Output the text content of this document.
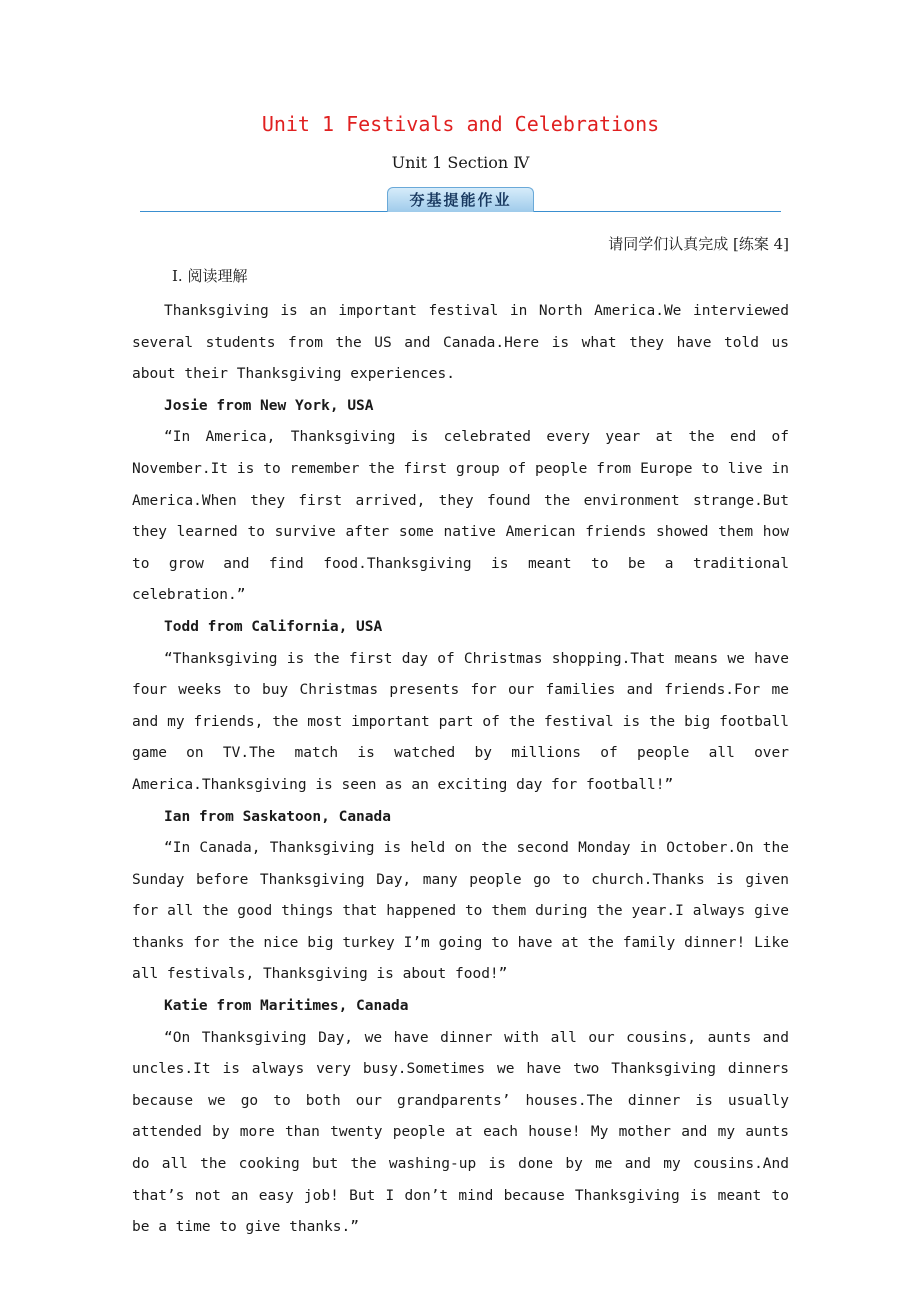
Unit 1 Festivals and Celebrations
Unit 1 Section Ⅳ
夯基提能作业
请同学们认真完成 [练案 4]
Ⅰ. 阅读理解

Thanksgiving is an important festival in North America.We interviewed several students from the US and Canada.Here is what they have told us about their Thanksgiving experiences.

Josie from New York, USA

“In America, Thanksgiving is celebrated every year at the end of November.It is to remember the first group of people from Europe to live in America.When they first arrived, they found the environment strange.But they learned to survive after some native American friends showed them how to grow and find food.Thanksgiving is meant to be a traditional celebration.”

Todd from California, USA

“Thanksgiving is the first day of Christmas shopping.That means we have four weeks to buy Christmas presents for our families and friends.For me and my friends, the most important part of the festival is the big football game on TV.The match is watched by millions of people all over America.Thanksgiving is seen as an exciting day for football!”

Ian from Saskatoon, Canada

“In Canada, Thanksgiving is held on the second Monday in October.On the Sunday before Thanksgiving Day, many people go to church.Thanks is given for all the good things that happened to them during the year.I always give thanks for the nice big turkey I’m going to have at the family dinner! Like all festivals, Thanksgiving is about food!”

Katie from Maritimes, Canada

“On Thanksgiving Day, we have dinner with all our cousins, aunts and uncles.It is always very busy.Sometimes we have two Thanksgiving dinners because we go to both our grandparents’ houses.The dinner is usually attended by more than twenty people at each house! My mother and my aunts do all the cooking but the washing-up is done by me and my cousins.And that’s not an easy job! But I don’t mind because Thanksgiving is meant to be a time to give thanks.”
